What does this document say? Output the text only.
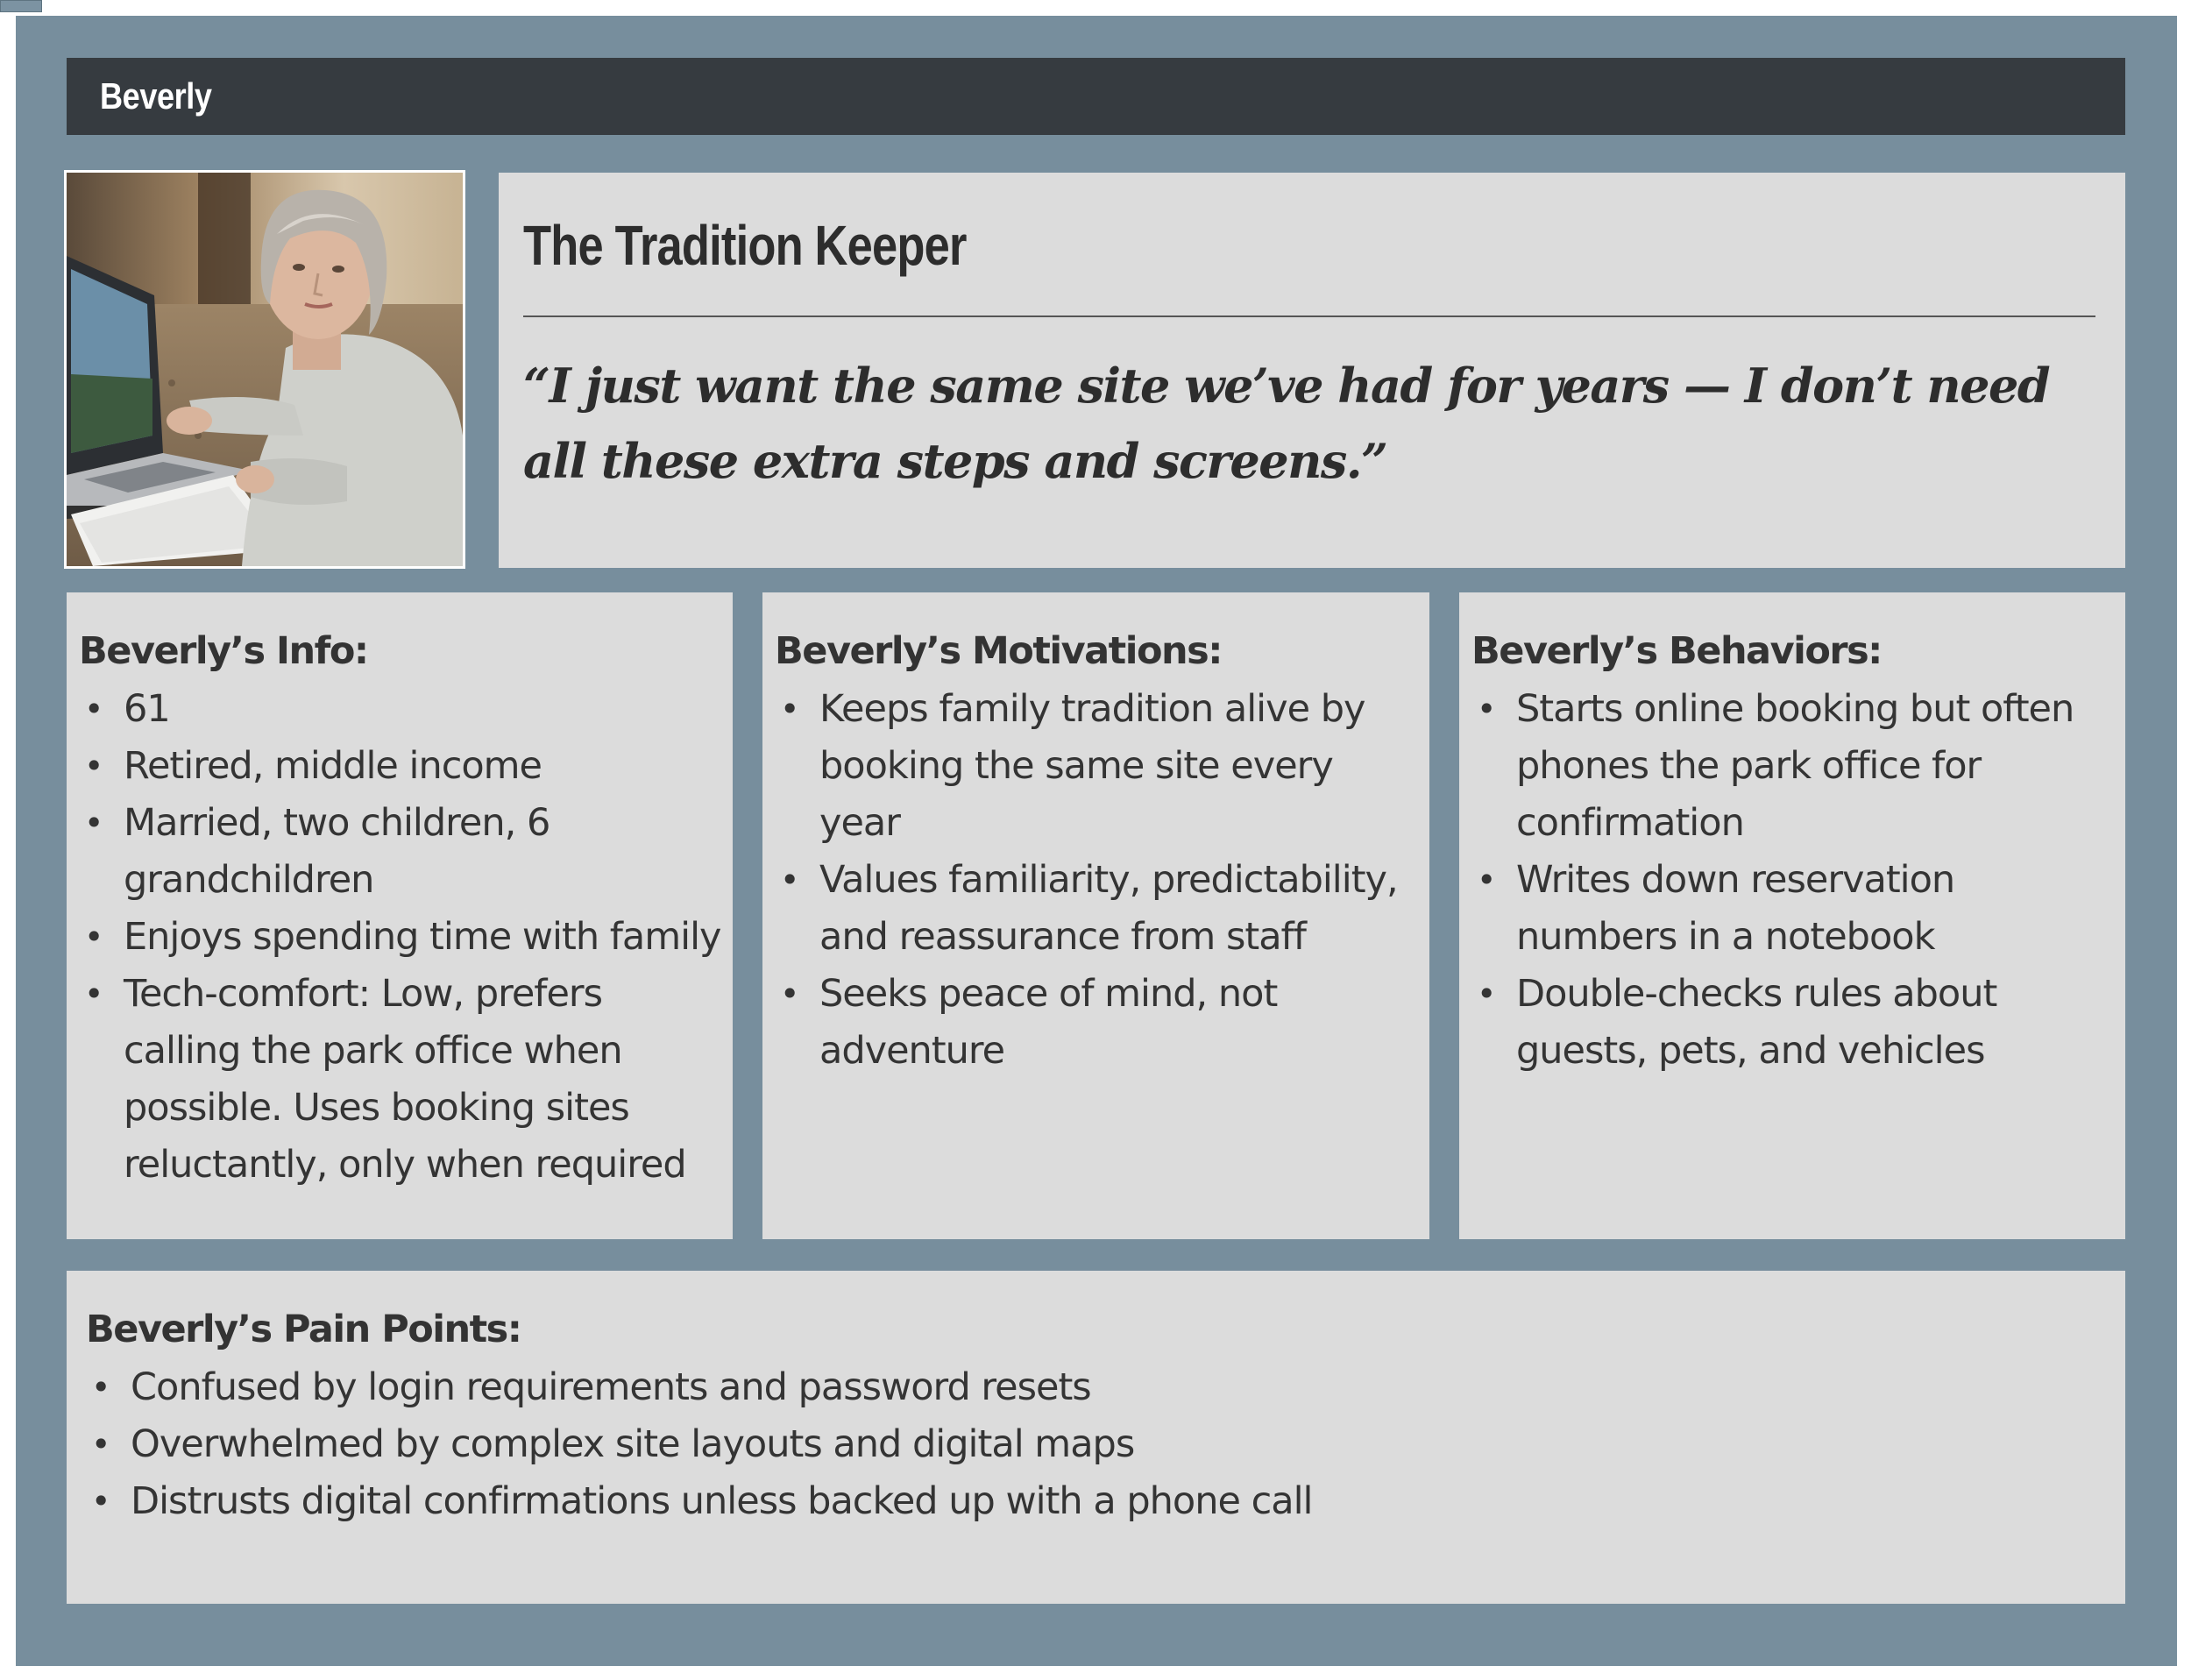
Beverly
The Tradition Keeper

“I just want the same site we’ve had for years — I don’t need all these extra steps and screens.”

Beverly’s Info:
• 61
• Retired, middle income
• Married, two children, 6 grandchildren
• Enjoys spending time with family
• Tech-comfort: Low, prefers calling the park office when possible. Uses booking sites reluctantly, only when required
Beverly’s Motivations:
• Keeps family tradition alive by booking the same site every year
• Values familiarity, predictability, and reassurance from staff
• Seeks peace of mind, not adventure
Beverly’s Behaviors:
• Starts online booking but often phones the park office for confirmation
• Writes down reservation numbers in a notebook
• Double-checks rules about guests, pets, and vehicles
Beverly’s Pain Points:
• Confused by login requirements and password resets
• Overwhelmed by complex site layouts and digital maps
• Distrusts digital confirmations unless backed up with a phone call
